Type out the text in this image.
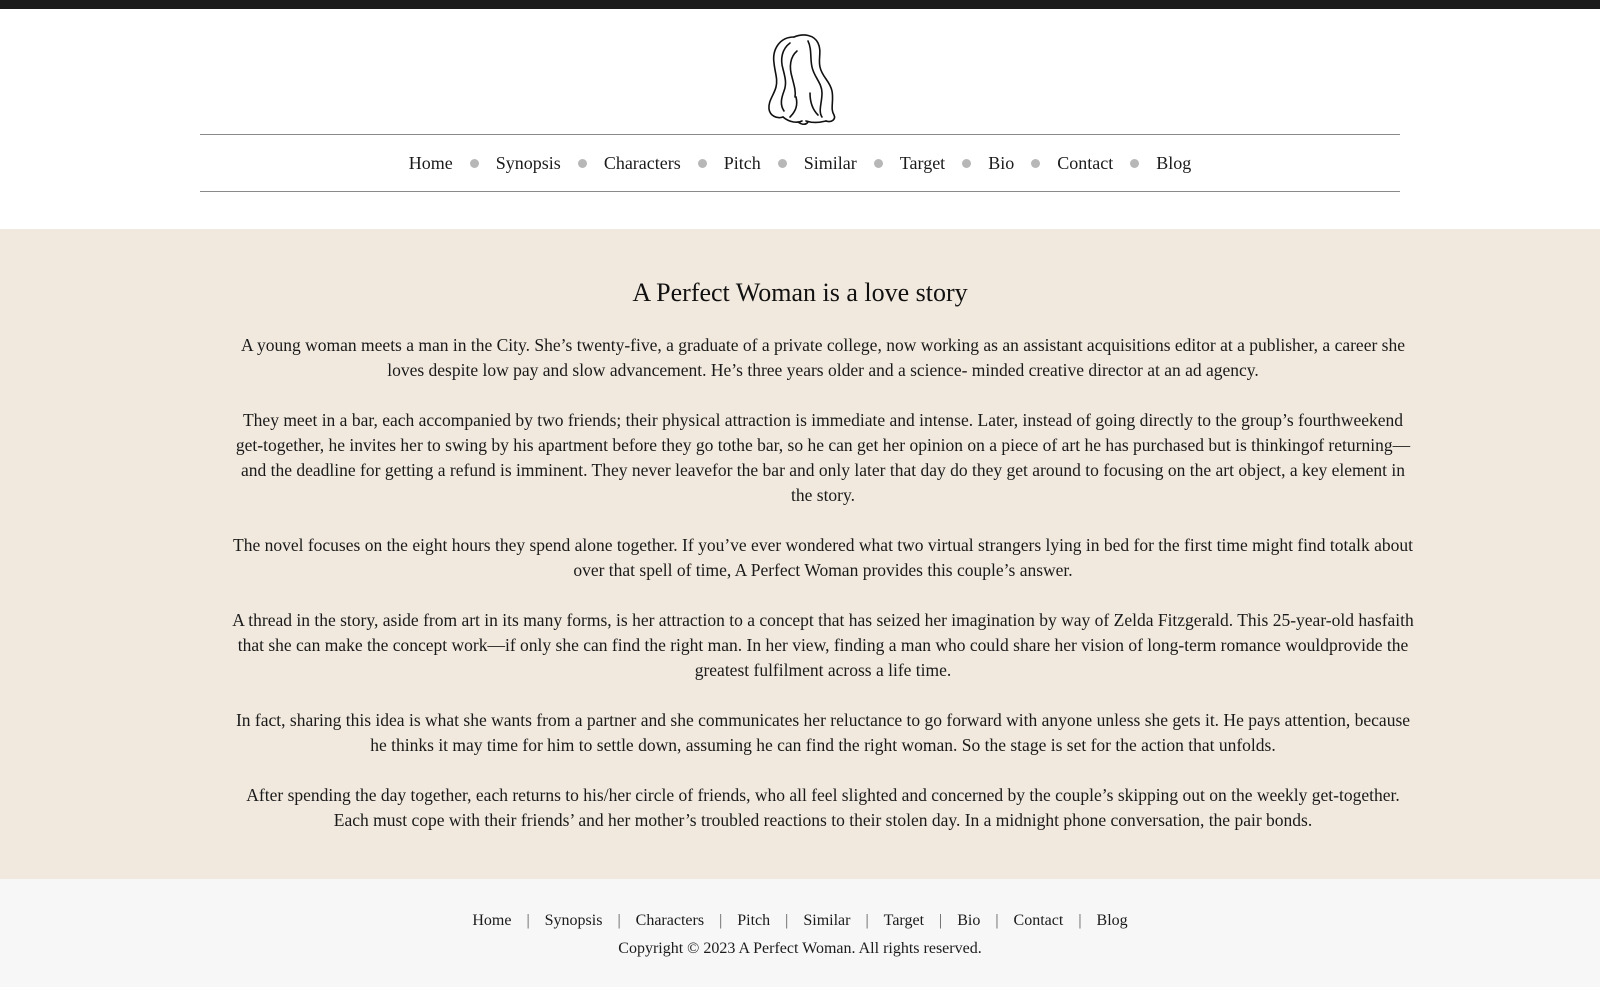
Home Synopsis Characters Pitch Similar Target Bio Contact Blog
A Perfect Woman is a love story

A young woman meets a man in the City. She’s twenty-five, a graduate of a private college, now working as an assistant acquisitions editor at a publisher, a career she loves despite low pay and slow advancement. He’s three years older and a science- minded creative director at an ad agency.

They meet in a bar, each accompanied by two friends; their physical attraction is immediate and intense. Later, instead of going directly to the group’s fourthweekend get-together, he invites her to swing by his apartment before they go tothe bar, so he can get her opinion on a piece of art he has purchased but is thinkingof returning—and the deadline for getting a refund is imminent. They never leavefor the bar and only later that day do they get around to focusing on the art object, a key element in the story.

The novel focuses on the eight hours they spend alone together. If you’ve ever wondered what two virtual strangers lying in bed for the first time might find totalk about over that spell of time, A Perfect Woman provides this couple’s answer.

A thread in the story, aside from art in its many forms, is her attraction to a concept that has seized her imagination by way of Zelda Fitzgerald. This 25-year-old hasfaith that she can make the concept work—if only she can find the right man. In her view, finding a man who could share her vision of long-term romance wouldprovide the greatest fulfilment across a life time.

In fact, sharing this idea is what she wants from a partner and she communicates her reluctance to go forward with anyone unless she gets it. He pays attention, because he thinks it may time for him to settle down, assuming he can find the right woman. So the stage is set for the action that unfolds.

After spending the day together, each returns to his/her circle of friends, who all feel slighted and concerned by the couple’s skipping out on the weekly get-together. Each must cope with their friends’ and her mother’s troubled reactions to their stolen day. In a midnight phone conversation, the pair bonds.

Home | Synopsis | Characters | Pitch | Similar | Target | Bio | Contact | Blog
Copyright © 2023 A Perfect Woman. All rights reserved.
